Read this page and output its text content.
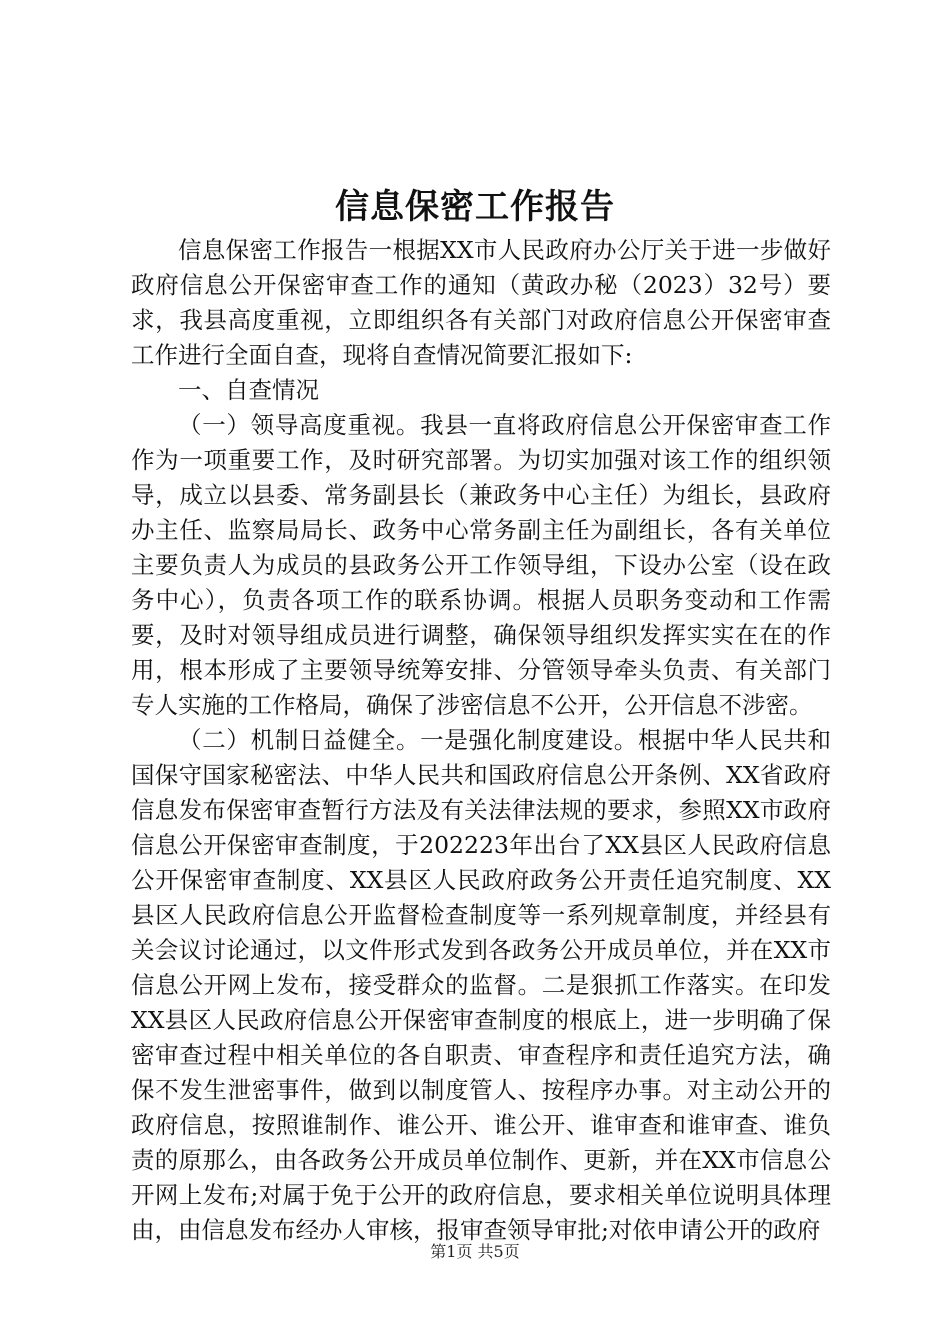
信息保密工作报告

信息保密工作报告一根据XX市人民政府办公厅关于进一步做好政府信息公开保密审查工作的通知（黄政办秘（2023）32号）要求，我县高度重视，立即组织各有关部门对政府信息公开保密审查工作进行全面自查，现将自查情况简要汇报如下:

一、自查情况

（一）领导高度重视。我县一直将政府信息公开保密审查工作作为一项重要工作，及时研究部署。为切实加强对该工作的组织领导，成立以县委、常务副县长（兼政务中心主任）为组长，县政府办主任、监察局局长、政务中心常务副主任为副组长，各有关单位主要负责人为成员的县政务公开工作领导组，下设办公室（设在政务中心），负责各项工作的联系协调。根据人员职务变动和工作需要，及时对领导组成员进行调整，确保领导组织发挥实实在在的作用，根本形成了主要领导统筹安排、分管领导牵头负责、有关部门专人实施的工作格局，确保了涉密信息不公开，公开信息不涉密。

（二）机制日益健全。一是强化制度建设。根据中华人民共和国保守国家秘密法、中华人民共和国政府信息公开条例、XX省政府信息发布保密审查暂行方法及有关法律法规的要求，参照XX市政府信息公开保密审查制度，于202223年出台了XX县区人民政府信息公开保密审查制度、XX县区人民政府政务公开责任追究制度、XX县区人民政府信息公开监督检查制度等一系列规章制度，并经县有关会议讨论通过，以文件形式发到各政务公开成员单位，并在XX市信息公开网上发布，接受群众的监督。二是狠抓工作落实。在印发XX县区人民政府信息公开保密审查制度的根底上，进一步明确了保密审查过程中相关单位的各自职责、审查程序和责任追究方法，确保不发生泄密事件，做到以制度管人、按程序办事。对主动公开的政府信息，按照谁制作、谁公开、谁公开、谁审查和谁审查、谁负责的原那么，由各政务公开成员单位制作、更新，并在XX市信息公开网上发布;对属于免于公开的政府信息，要求相关单位说明具体理由，由信息发布经办人审核，报审查领导审批;对依申请公开的政府

第1页 共5页
